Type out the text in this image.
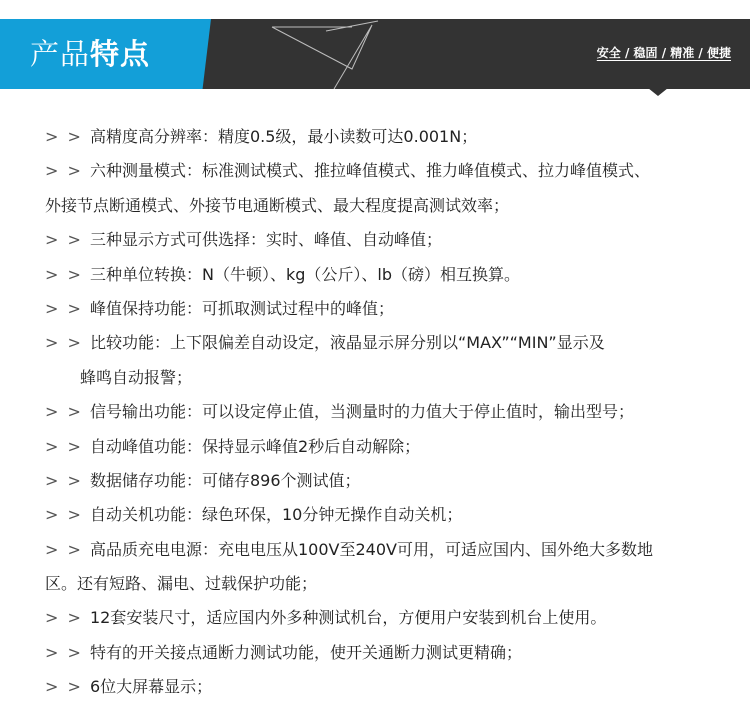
产品特点	安全 / 稳固 / 精准 / 便捷
> > 高精度高分辨率：精度0.5级，最小读数可达0.001N；
> > 六种测量模式：标准测试模式、推拉峰值模式、推力峰值模式、拉力峰值模式、
外接节点断通模式、外接节电通断模式、最大程度提高测试效率；
> > 三种显示方式可供选择：实时、峰值、自动峰值；
> > 三种单位转换：N（牛顿）、kg（公斤）、lb（磅）相互换算。
> > 峰值保持功能：可抓取测试过程中的峰值；
> > 比较功能：上下限偏差自动设定，液晶显示屏分别以“MAX”“MIN”显示及
蜂鸣自动报警；
> > 信号输出功能：可以设定停止值，当测量时的力值大于停止值时，输出型号；
> > 自动峰值功能：保持显示峰值2秒后自动解除；
> > 数据储存功能：可储存896个测试值；
> > 自动关机功能：绿色环保，10分钟无操作自动关机；
> > 高品质充电电源：充电电压从100V至240V可用，可适应国内、国外绝大多数地
区。还有短路、漏电、过载保护功能；
> > 12套安装尺寸，适应国内外多种测试机台，方便用户安装到机台上使用。
> > 特有的开关接点通断力测试功能，使开关通断力测试更精确；
> > 6位大屏幕显示；
